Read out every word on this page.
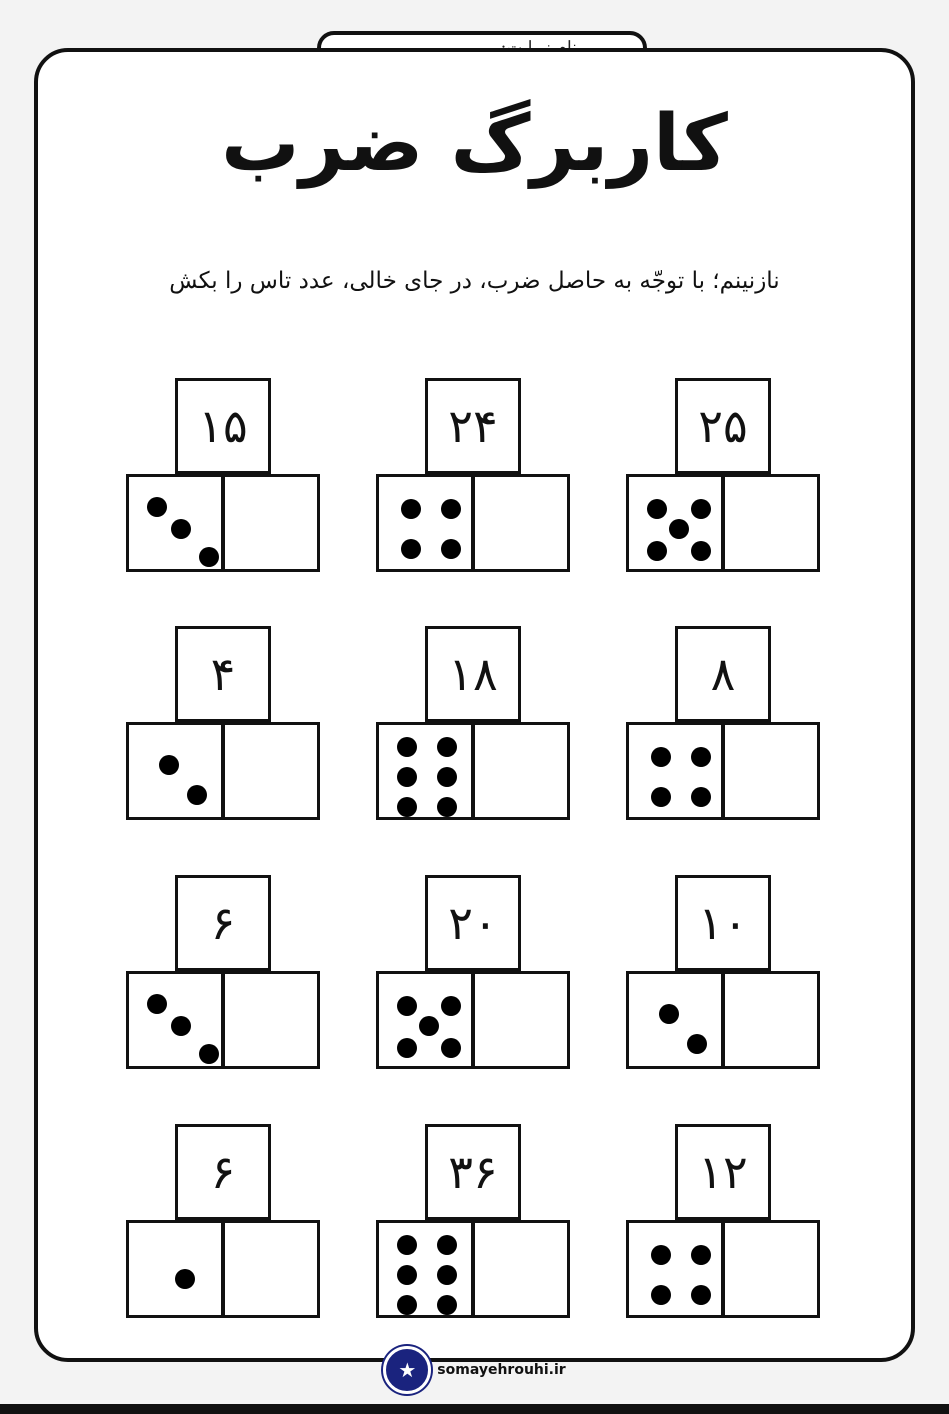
کاربرگ ضرب
نازنینم؛ با توجّه به حاصل ضرب، در جای خالی، عدد تاس را بکش
۱۵	۲۴	۲۵
۴	۱۸	۸
۶	۲۰	۱۰
۶	۳۶	۱۲
★	somayehrouhi.ir
